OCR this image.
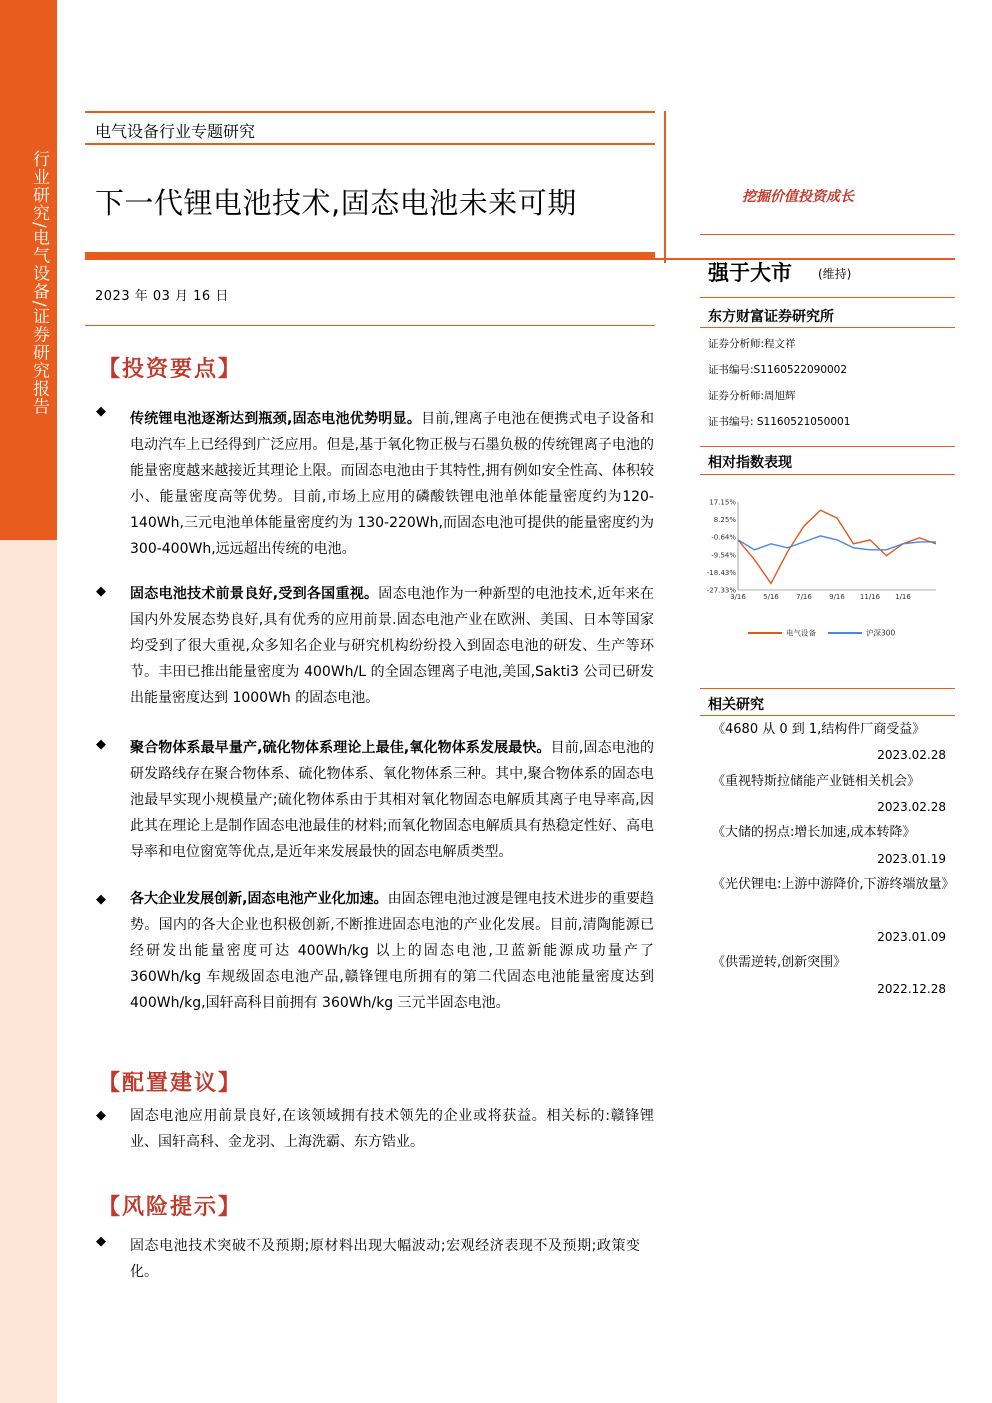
行业研究/电气设备/证券研究报告
电气设备行业专题研究
下一代锂电池技术,固态电池未来可期
2023 年 03 月 16 日
【投资要点】
◆ 传统锂电池逐渐达到瓶颈,固态电池优势明显。目前,锂离子电池在便携式电子设备和电动汽车上已经得到广泛应用。但是,基于氧化物正极与石墨负极的传统锂离子电池的能量密度越来越接近其理论上限。而固态电池由于其特性,拥有例如安全性高、体积较小、能量密度高等优势。目前,市场上应用的磷酸铁锂电池单体能量密度约为120-140Wh,三元电池单体能量密度约为 130-220Wh,而固态电池可提供的能量密度约为 300-400Wh,远远超出传统的电池。
◆ 固态电池技术前景良好,受到各国重视。固态电池作为一种新型的电池技术,近年来在国内外发展态势良好,具有优秀的应用前景.固态电池产业在欧洲、美国、日本等国家均受到了很大重视,众多知名企业与研究机构纷纷投入到固态电池的研发、生产等环节。丰田已推出能量密度为 400Wh/L 的全固态锂离子电池,美国,Sakti3 公司已研发出能量密度达到 1000Wh 的固态电池。
◆ 聚合物体系最早量产,硫化物体系理论上最佳,氧化物体系发展最快。目前,固态电池的研发路线存在聚合物体系、硫化物体系、氧化物体系三种。其中,聚合物体系的固态电池最早实现小规模量产;硫化物体系由于其相对氧化物固态电解质其离子电导率高,因此其在理论上是制作固态电池最佳的材料;而氧化物固态电解质具有热稳定性好、高电导率和电位窗宽等优点,是近年来发展最快的固态电解质类型。
◆ 各大企业发展创新,固态电池产业化加速。由固态锂电池过渡是锂电技术进步的重要趋势。国内的各大企业也积极创新,不断推进固态电池的产业化发展。目前,清陶能源已经研发出能量密度可达 400Wh/kg 以上的固态电池,卫蓝新能源成功量产了 360Wh/kg 车规级固态电池产品,赣锋锂电所拥有的第二代固态电池能量密度达到 400Wh/kg,国轩高科目前拥有 360Wh/kg 三元半固态电池。
【配置建议】
◆ 固态电池应用前景良好,在该领域拥有技术领先的企业或将获益。相关标的:赣锋锂业、国轩高科、金龙羽、上海洗霸、东方锆业。
【风险提示】
◆ 固态电池技术突破不及预期;原材料出现大幅波动;宏观经济表现不及预期;政策变化。
挖掘价值投资成长
强于大市 (维持)
东方财富证券研究所
证券分析师:程文祥
证书编号:S1160522090002
证券分析师:周旭辉
证书编号: S1160521050001
相对指数表现
17.15%
8.25%
-0.64%
-9.54%
-18.43%
-27.33%
3/16 5/16 7/16 9/16 11/16 1/16
电气设备	沪深300
相关研究
《4680 从 0 到 1,结构件厂商受益》
2023.02.28
《重视特斯拉储能产业链相关机会》
2023.02.28
《大储的拐点:增长加速,成本转降》
2023.01.19
《光伏锂电:上游中游降价,下游终端放量》
2023.01.09
《供需逆转,创新突围》
2022.12.28
